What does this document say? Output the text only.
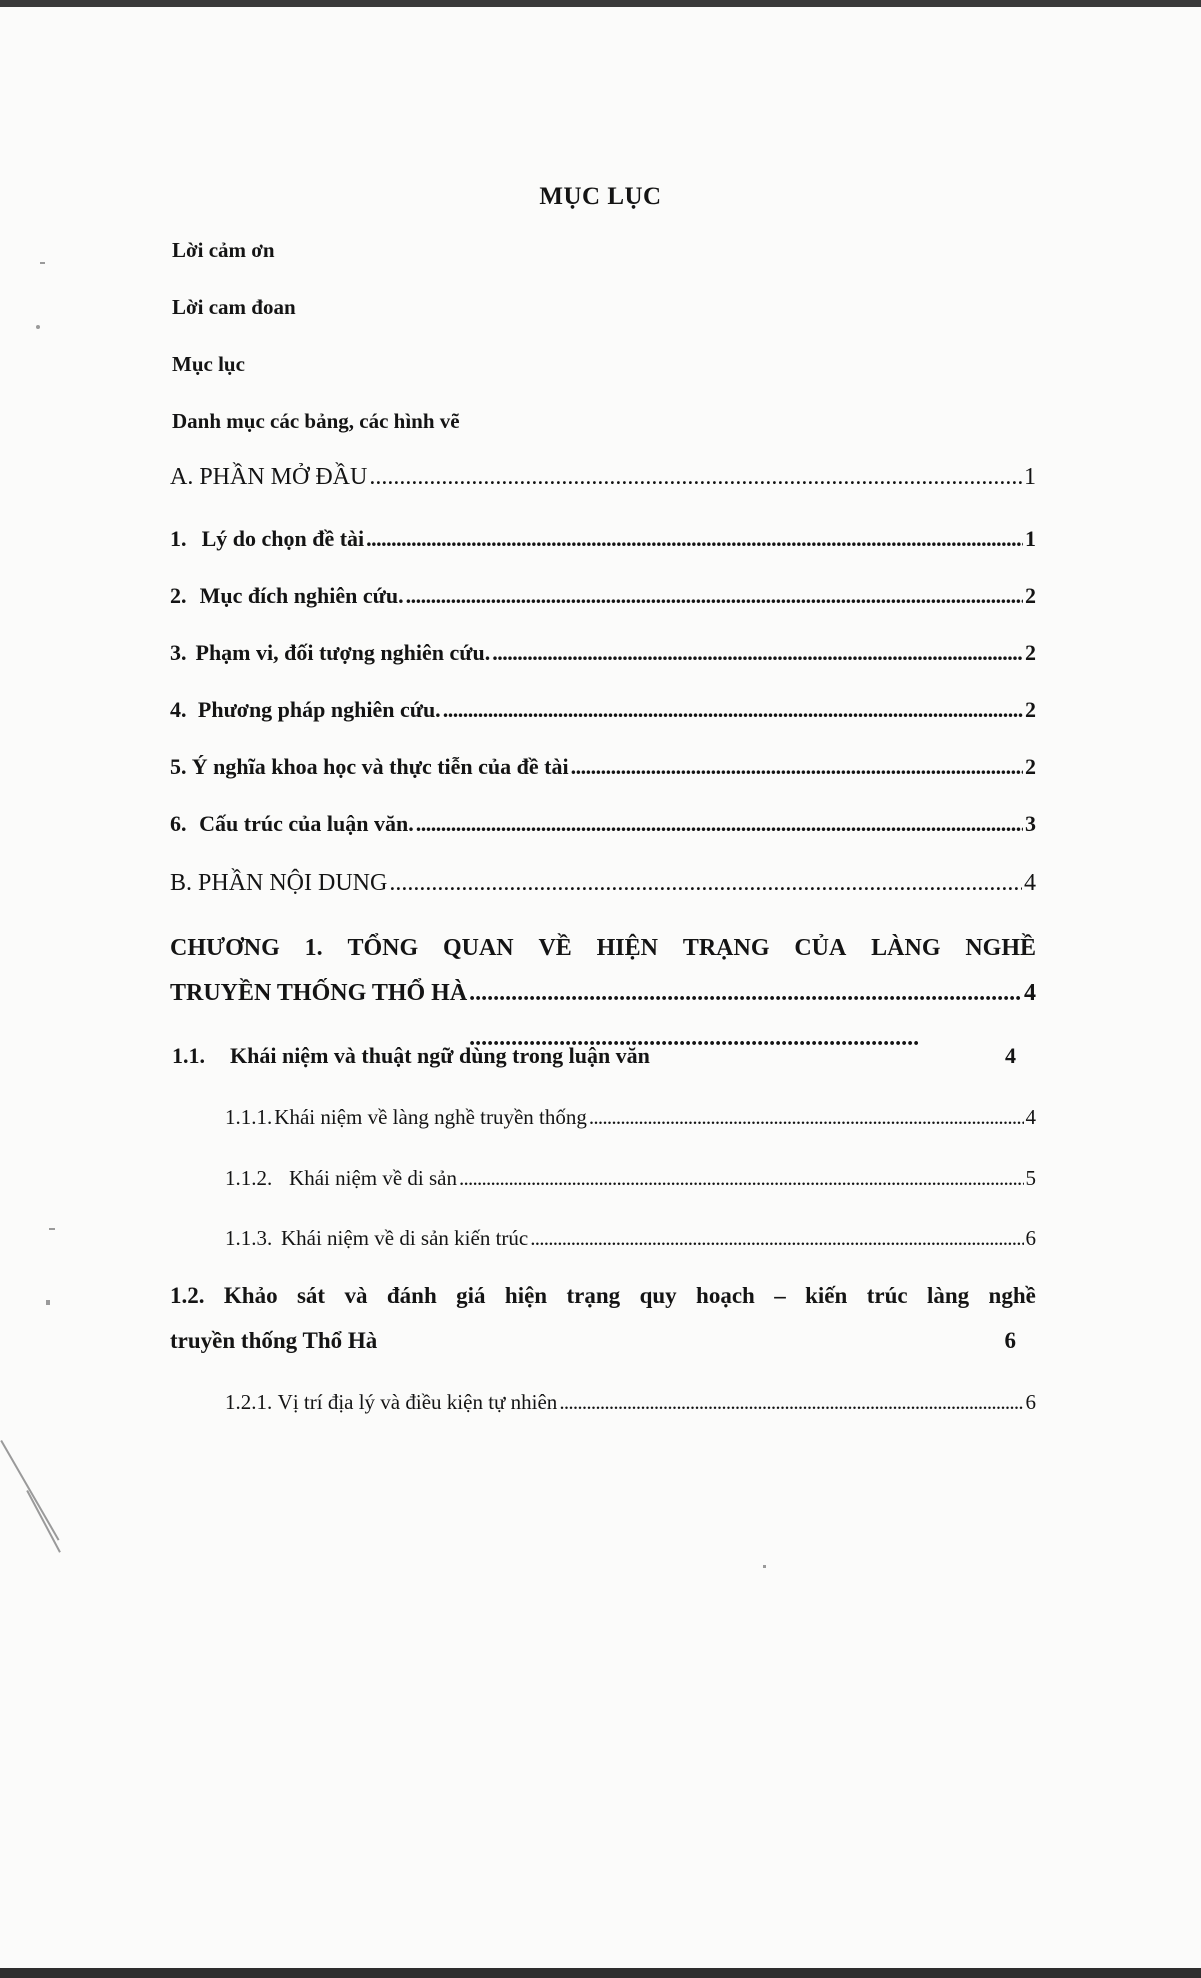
MỤC LỤC
Lời cảm ơn
Lời cam đoan
Mục lục
Danh mục các bảng, các hình vẽ
A. PHẦN MỞ ĐẦU . . .	1
1. Lý do chọn đề tài . . .	1
2. Mục đích nghiên cứu. . . .	2
3. Phạm vi, đối tượng nghiên cứu. . . .	2
4. Phương pháp nghiên cứu. . . .	2
5. Ý nghĩa khoa học và thực tiễn của đề tài . . .	2
6. Cấu trúc của luận văn. . . .	3
B. PHẦN NỘI DUNG . . .	4
CHƯƠNG 1. TỔNG QUAN VỀ HIỆN TRẠNG CỦA LÀNG NGHỀ
TRUYỀN THỐNG THỔ HÀ . . .	4
1.1.	Khái niệm và thuật ngữ dùng trong luận văn	4
1.1.1. Khái niệm về làng nghề truyền thống . . .	4
1.1.2. Khái niệm về di sản . . .	5
1.1.3. Khái niệm về di sản kiến trúc . . .	6
1.2. Khảo sát và đánh giá hiện trạng quy hoạch – kiến trúc làng nghề
truyền thống Thổ Hà	6
1.2.1. Vị trí địa lý và điều kiện tự nhiên . . .	6
